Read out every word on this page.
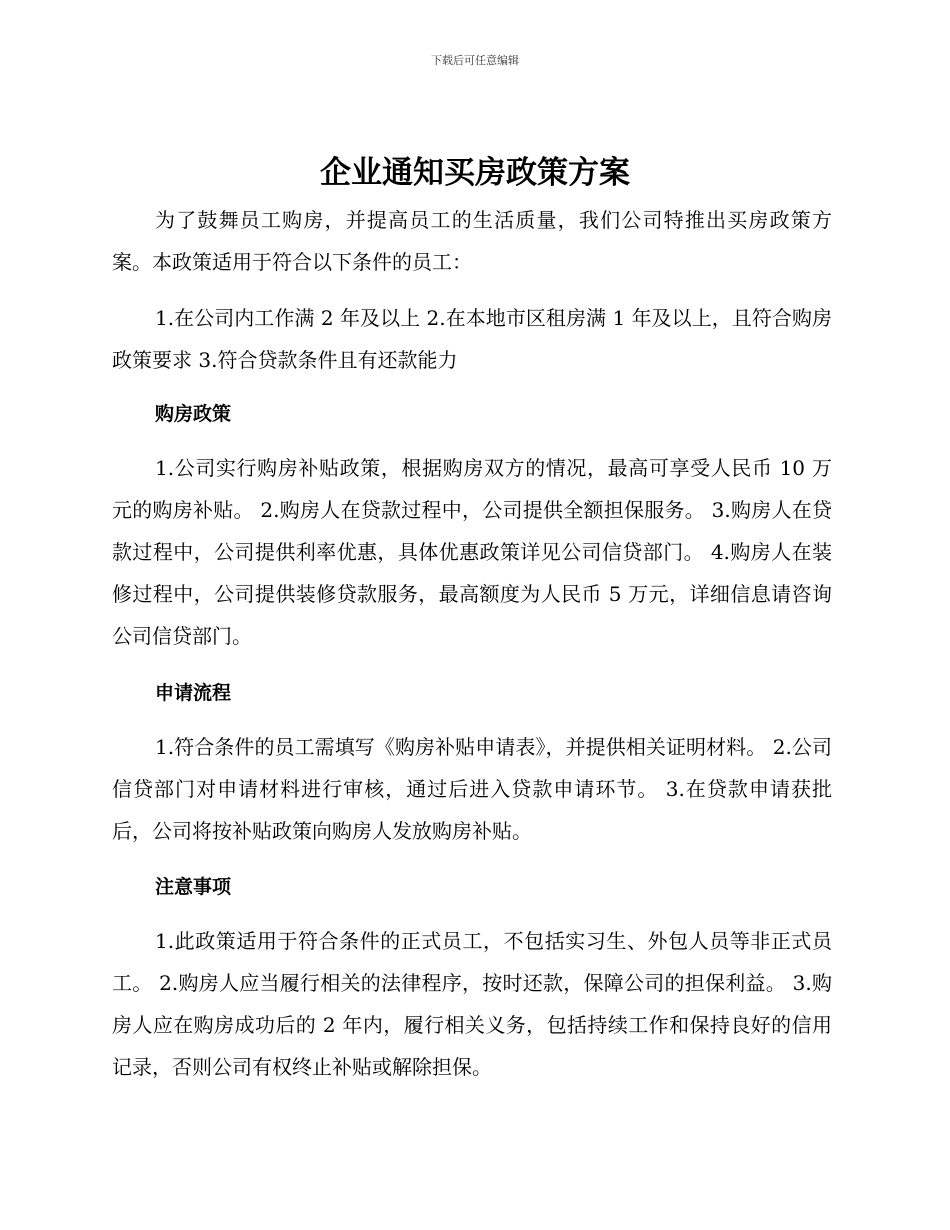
下载后可任意编辑
企业通知买房政策方案

为了鼓舞员工购房，并提高员工的生活质量，我们公司特推出买房政策方案。本政策适用于符合以下条件的员工：

1.在公司内工作满 2 年及以上 2.在本地市区租房满 1 年及以上，且符合购房政策要求 3.符合贷款条件且有还款能力

购房政策

1.公司实行购房补贴政策，根据购房双方的情况，最高可享受人民币 10 万元的购房补贴。 2.购房人在贷款过程中，公司提供全额担保服务。 3.购房人在贷款过程中，公司提供利率优惠，具体优惠政策详见公司信贷部门。 4.购房人在装修过程中，公司提供装修贷款服务，最高额度为人民币 5 万元，详细信息请咨询公司信贷部门。

申请流程

1.符合条件的员工需填写《购房补贴申请表》，并提供相关证明材料。 2.公司信贷部门对申请材料进行审核，通过后进入贷款申请环节。 3.在贷款申请获批后，公司将按补贴政策向购房人发放购房补贴。

注意事项

1.此政策适用于符合条件的正式员工，不包括实习生、外包人员等非正式员工。 2.购房人应当履行相关的法律程序，按时还款，保障公司的担保利益。 3.购房人应在购房成功后的 2 年内，履行相关义务，包括持续工作和保持良好的信用记录，否则公司有权终止补贴或解除担保。
